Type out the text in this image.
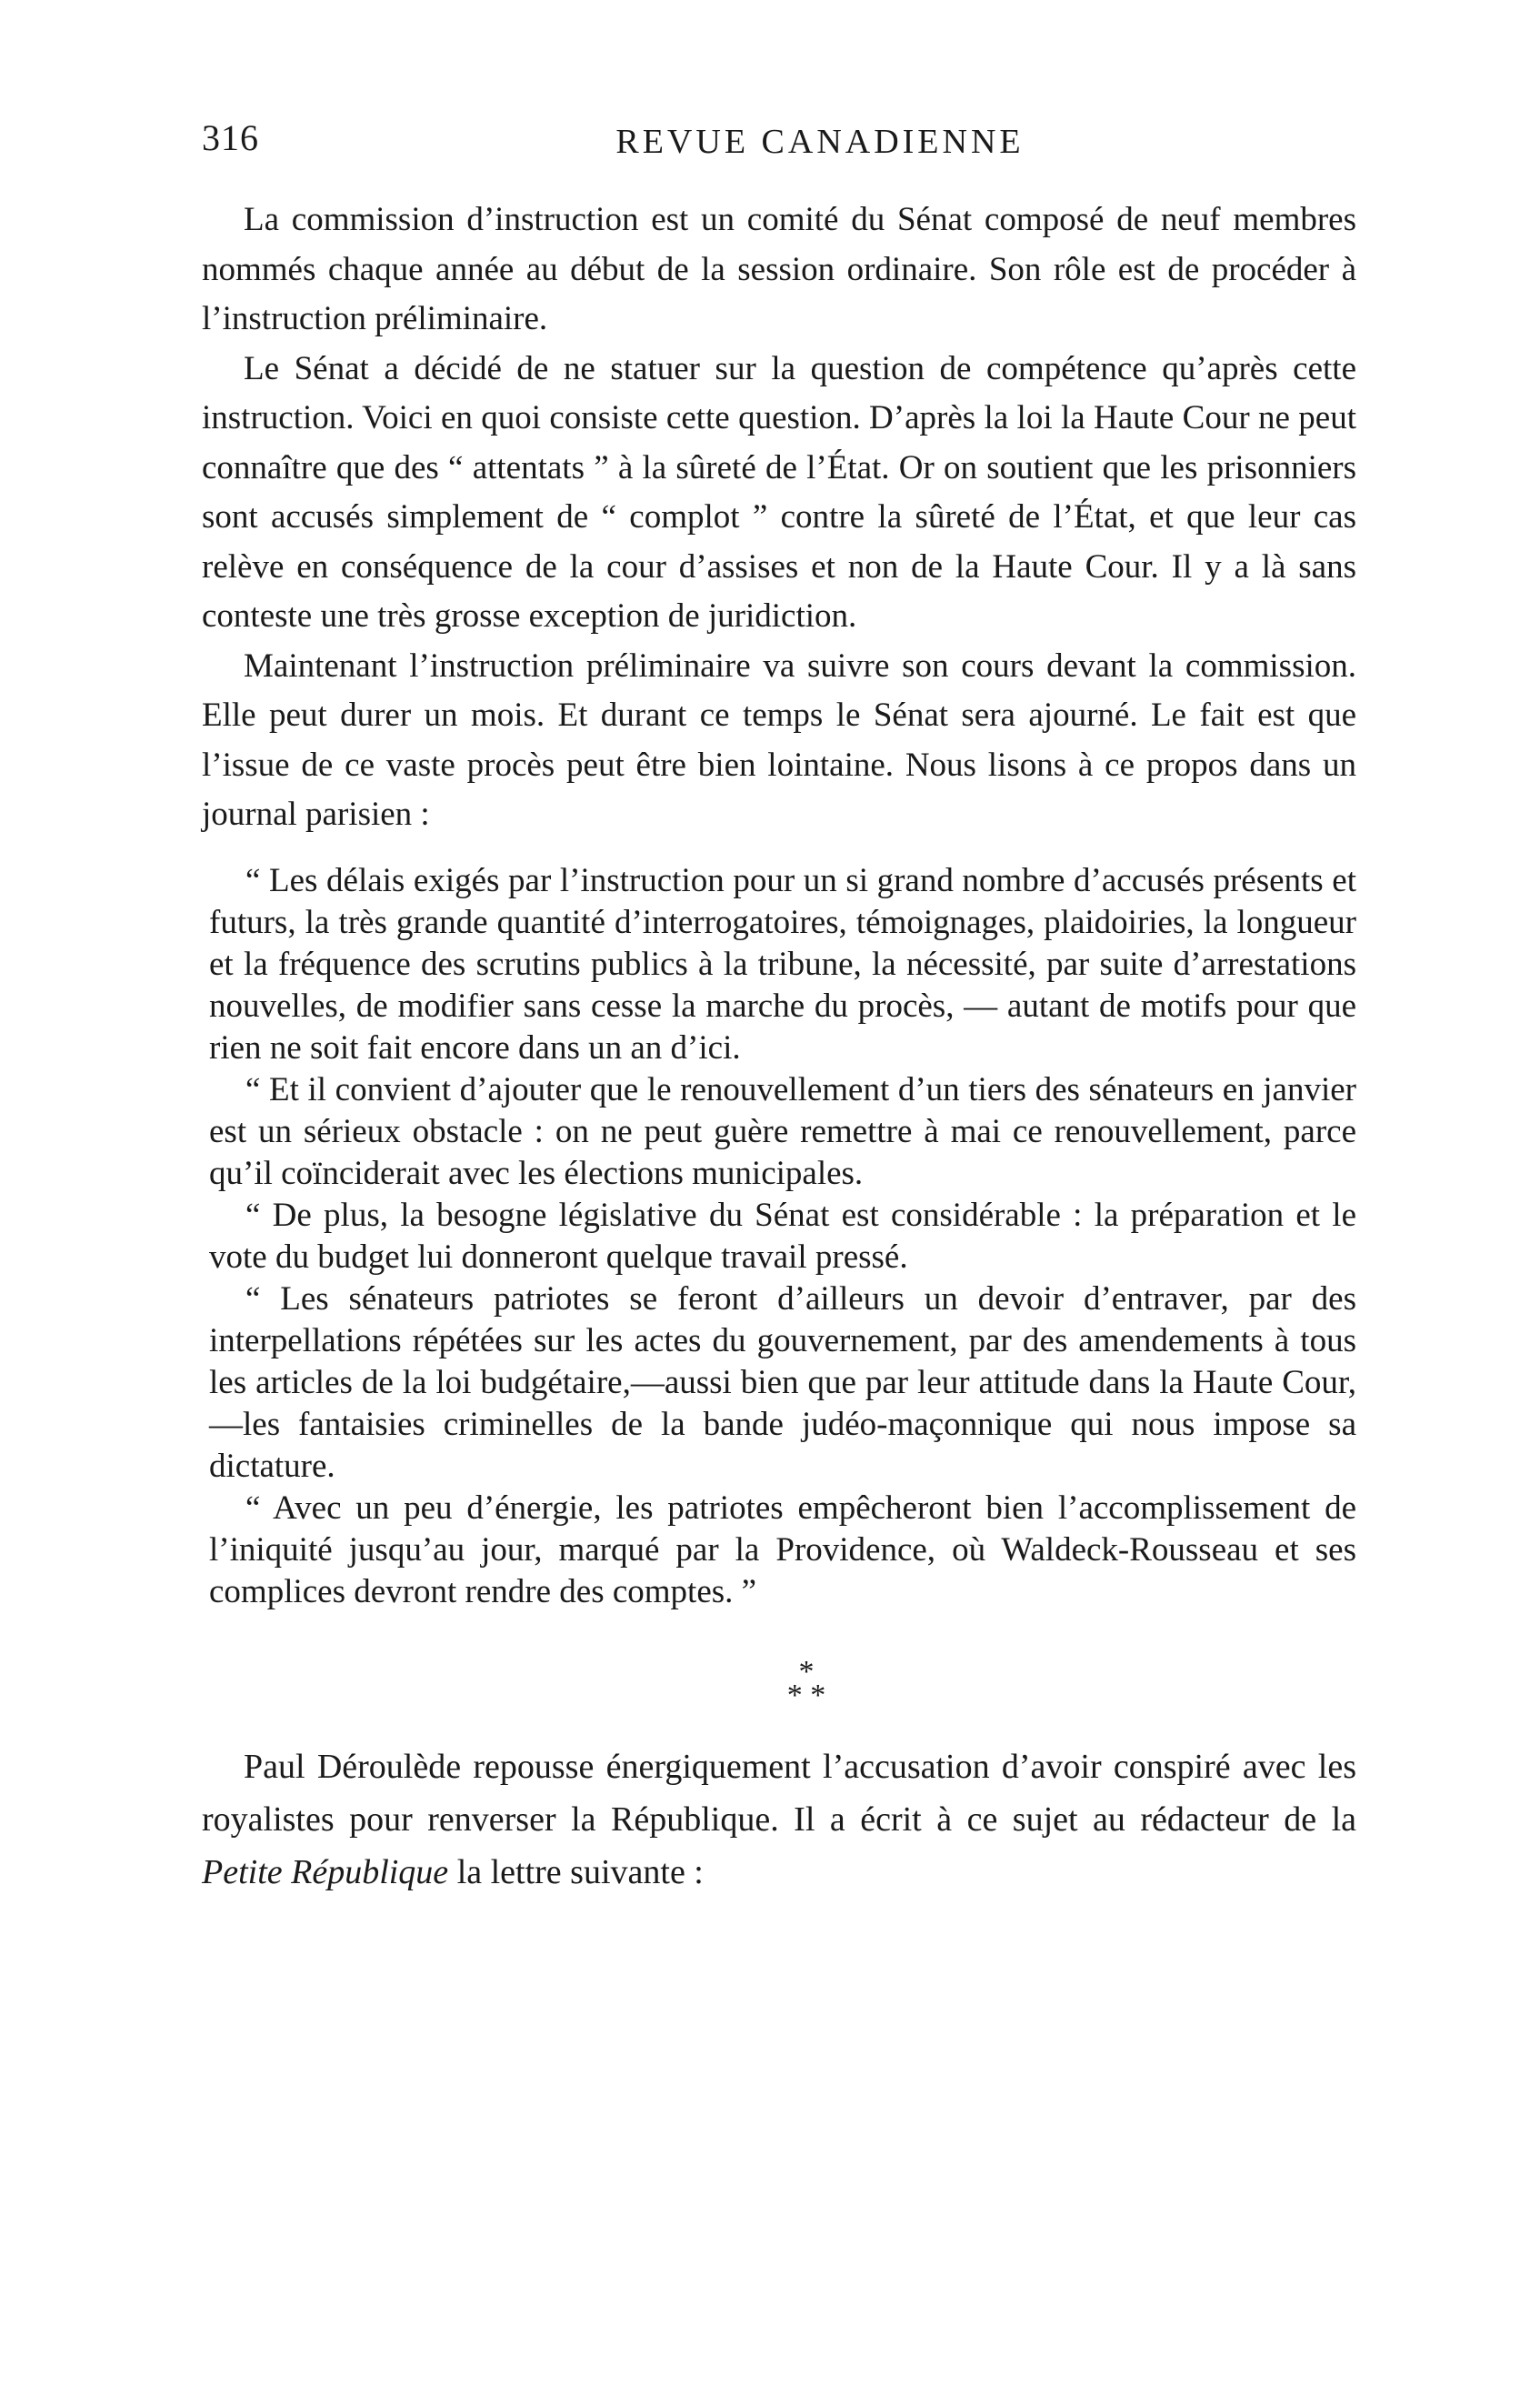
316	REVUE CANADIENNE

La commission d’instruction est un comité du Sénat composé de neuf membres nommés chaque année au début de la session ordinaire. Son rôle est de procéder à l’instruction préliminaire.

Le Sénat a décidé de ne statuer sur la question de compétence qu’après cette instruction. Voici en quoi consiste cette question. D’après la loi la Haute Cour ne peut connaître que des “ attentats ” à la sûreté de l’État. Or on soutient que les prisonniers sont accusés simplement de “ complot ” contre la sûreté de l’État, et que leur cas relève en conséquence de la cour d’assises et non de la Haute Cour. Il y a là sans conteste une très grosse exception de juridiction.

Maintenant l’instruction préliminaire va suivre son cours devant la commission. Elle peut durer un mois. Et durant ce temps le Sénat sera ajourné. Le fait est que l’issue de ce vaste procès peut être bien lointaine. Nous lisons à ce propos dans un journal parisien :

“ Les délais exigés par l’instruction pour un si grand nombre d’accusés présents et futurs, la très grande quantité d’interrogatoires, témoignages, plaidoiries, la longueur et la fréquence des scrutins publics à la tribune, la nécessité, par suite d’arrestations nouvelles, de modifier sans cesse la marche du procès, — autant de motifs pour que rien ne soit fait encore dans un an d’ici.

“ Et il convient d’ajouter que le renouvellement d’un tiers des sénateurs en janvier est un sérieux obstacle : on ne peut guère remettre à mai ce renouvellement, parce qu’il coïnciderait avec les élections municipales.

“ De plus, la besogne législative du Sénat est considérable : la préparation et le vote du budget lui donneront quelque travail pressé.

“ Les sénateurs patriotes se feront d’ailleurs un devoir d’entraver, par des interpellations répétées sur les actes du gouvernement, par des amendements à tous les articles de la loi budgétaire,—aussi bien que par leur attitude dans la Haute Cour,—les fantaisies criminelles de la bande judéo-maçonnique qui nous impose sa dictature.

“ Avec un peu d’énergie, les patriotes empêcheront bien l’accomplissement de l’iniquité jusqu’au jour, marqué par la Providence, où Waldeck-Rousseau et ses complices devront rendre des comptes. ”

*
* *

Paul Déroulède repousse énergiquement l’accusation d’avoir conspiré avec les royalistes pour renverser la République. Il a écrit à ce sujet au rédacteur de la Petite République la lettre suivante :
